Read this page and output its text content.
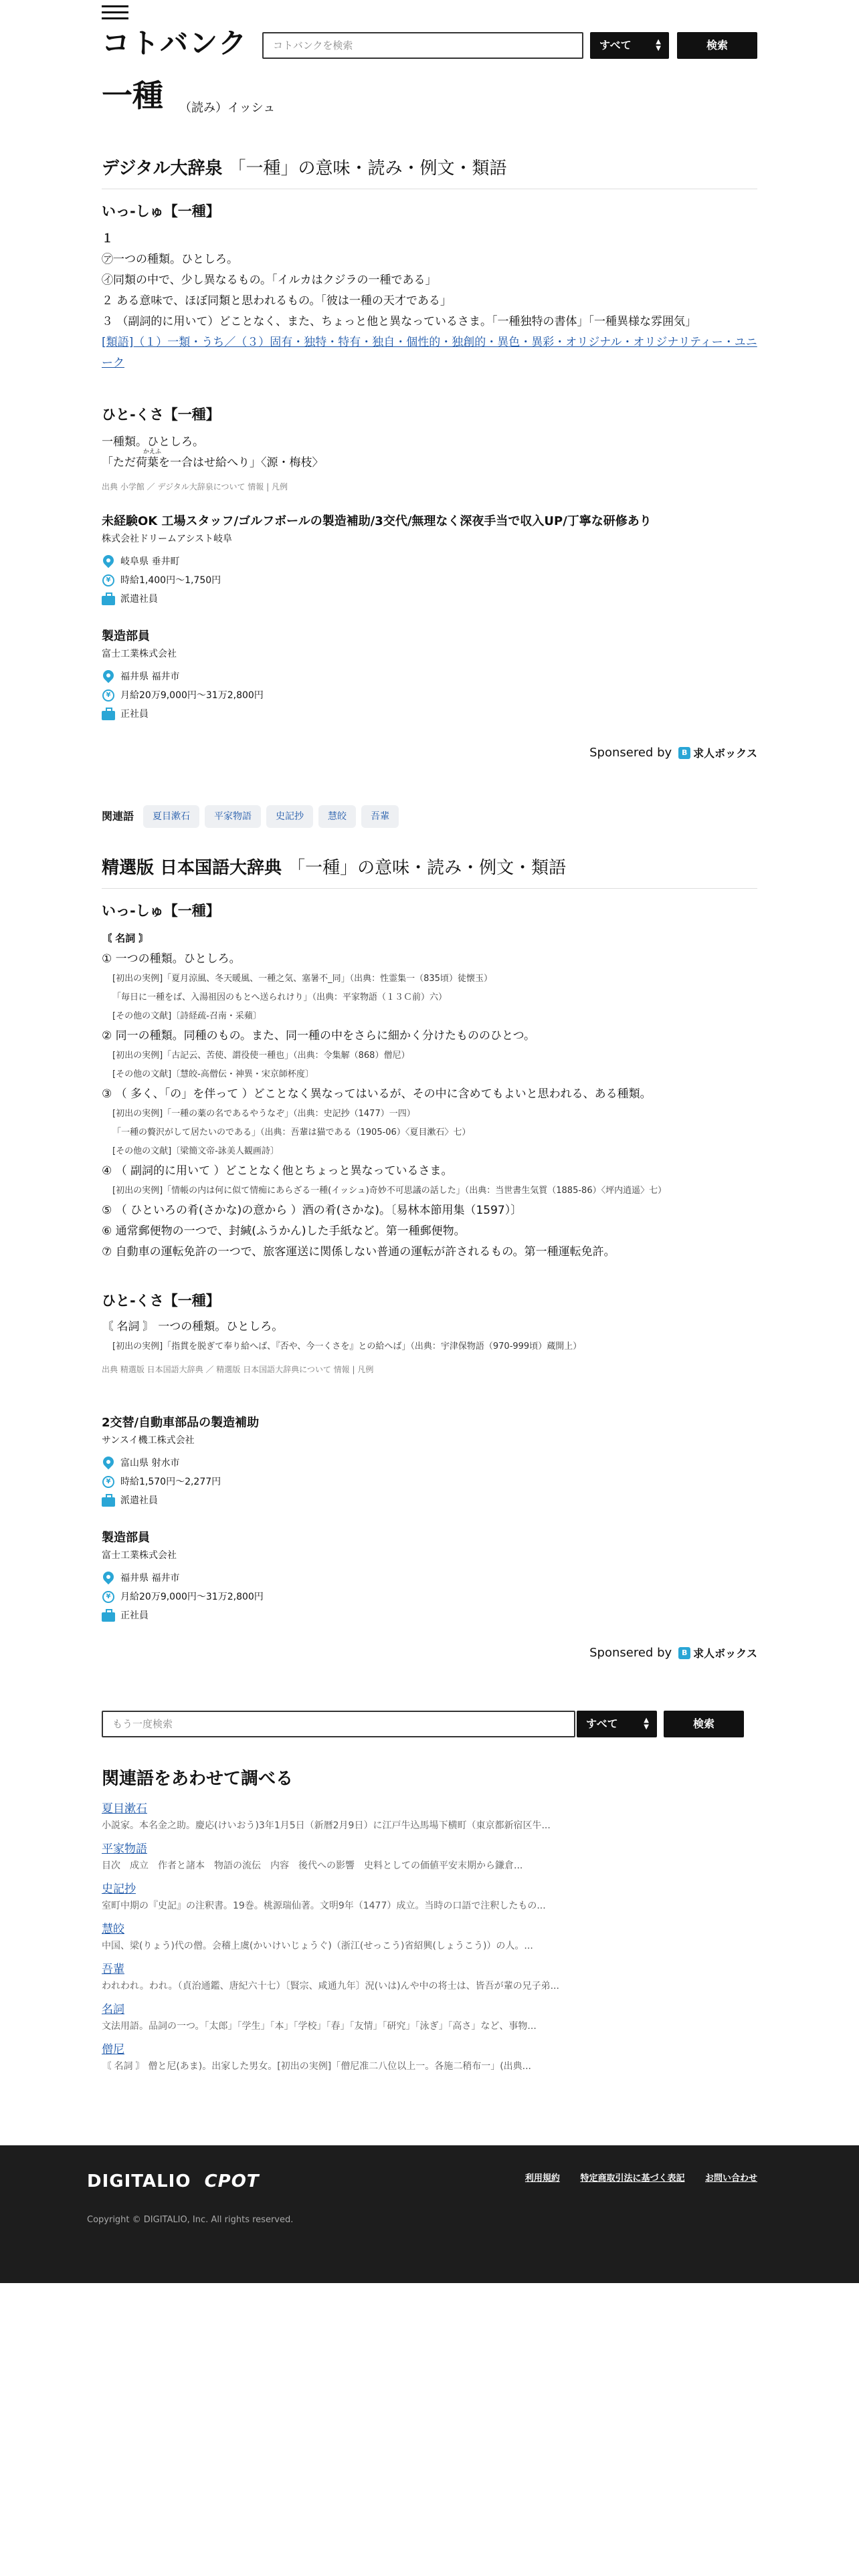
コトバンク	コトバンクを検索	すべて	▲
▼	検索
一種 （読み）イッシュ
デジタル大辞泉 「一種」の意味・読み・例文・類語
いっ‐しゅ【一種】
１
㋐一つの種類。ひとしろ。
㋑同類の中で、少し異なるもの。「イルカはクジラの一種である」
２ ある意味で、ほぼ同類と思われるもの。「彼は一種の天才である」
３ （副詞的に用いて）どことなく、また、ちょっと他と異なっているさま。「一種独特の書体」「一種異様な雰囲気」
[類語]（１）一類・うち／（３）固有・独特・特有・独自・個性的・独創的・異色・異彩・オリジナル・オリジナリティー・ユニーク
ひと‐くさ【一種】
一種類。ひとしろ。
かえふ
「ただ荷葉を一合はせ給へり」〈源・梅枝〉
出典 小学館 ／ デジタル大辞泉について 情報 | 凡例
未経験OK 工場スタッフ/ゴルフボールの製造補助/3交代/無理なく深夜手当で収入UP/丁寧な研修あり
株式会社ドリームアシスト岐阜
岐阜県 垂井町
¥	時給1,400円〜1,750円
派遣社員
製造部員
富士工業株式会社
福井県 福井市
¥	月給20万9,000円〜31万2,800円
正社員
Sponsered by	B 求人ボックス
関連語	夏目漱石	平家物語	史記抄	慧皎	吾輩
精選版 日本国語大辞典 「一種」の意味・読み・例文・類語
いっ‐しゅ【一種】
〘 名詞 〙
① 一つの種類。ひとしろ。
[初出の実例]「夏月涼風、冬天暖風、一種之気、塞暑不_同」（出典：性霊集一（835頃）徒懐玉）
「毎日に一種をば、入湯祖因のもとへ送られけり」（出典：平家物語（１３Ｃ前）六）
[その他の文献]〔詩経疏-召南・采蘋〕
② 同一の種類。同種のもの。また、同一種の中をさらに細かく分けたもののひとつ。
[初出の実例]「古記云、苦使、謂役使一種也」（出典：令集解（868）僧尼）
[その他の文献]〔慧皎-高僧伝・神異・宋京師杯度〕
③ （ 多く、「の」を伴って ）どことなく異なってはいるが、その中に含めてもよいと思われる、ある種類。
[初出の実例]「一種の薬の名であるやうなぞ」（出典：史記抄（1477）一四）
「一種の贅沢がして居たいのである」（出典：吾輩は猫である（1905‐06）〈夏目漱石〉七）
[その他の文献]〔梁簡文帝-詠美人観画詩〕
④ （ 副詞的に用いて ）どことなく他とちょっと異なっているさま。
[初出の実例]「情帳の内は何に似て情痴にあらざる一種(イッシュ)奇妙不可思議の話した」（出典：当世書生気質（1885‐86）〈坪内逍遥〉七）
⑤ （ ひといろの肴(さかな)の意から ）酒の肴(さかな)。〔易林本節用集（1597）〕
⑥ 通常郵便物の一つで、封緘(ふうかん)した手紙など。第一種郵便物。
⑦ 自動車の運転免許の一つで、旅客運送に関係しない普通の運転が許されるもの。第一種運転免許。
ひと‐くさ【一種】
〘 名詞 〙 一つの種類。ひとしろ。
[初出の実例]「指貫を脱ぎて奉り給へば、『否や、今一くさを』との給へば」（出典：宇津保物語（970‐999頃）蔵開上）
出典 精選版 日本国語大辞典 ／ 精選版 日本国語大辞典について 情報 | 凡例
2交替/自動車部品の製造補助
サンスイ機工株式会社
富山県 射水市
¥	時給1,570円〜2,277円
派遣社員
製造部員
富士工業株式会社
福井県 福井市
¥	月給20万9,000円〜31万2,800円
正社員
Sponsered by	B 求人ボックス
もう一度検索	すべて	▲
▼	検索
関連語をあわせて調べる
夏目漱石

小説家。本名金之助。慶応(けいおう)3年1月5日（新暦2月9日）に江戸牛込馬場下横町（東京都新宿区牛...

平家物語

目次　成立　作者と諸本　物語の流伝　内容　後代への影響　史料としての価値平安末期から鎌倉...

史記抄

室町中期の『史記』の注釈書。19巻。桃源瑞仙著。文明9年（1477）成立。当時の口語で注釈したもの...

慧皎

中国、梁(りょう)代の僧。会稽上虞(かいけいじょうぐ)（浙江(せっこう)省紹興(しょうこう)）の人。...

吾輩

われわれ。われ。（貞治通鑑、唐紀六十七）〔賢宗、咸通九年〕況(いは)んや中の将士は、皆吾が輩の兄子弟...

名詞

文法用語。品詞の一つ。「太郎」「学生」「本」「学校」「春」「友情」「研究」「泳ぎ」「高さ」など、事物...

僧尼

〘 名詞 〙 僧と尼(あま)。出家した男女。[初出の実例]「僧尼准二八位以上一。各施二稍布一」(出典...

DIGITALIO CPOT	利用規約 特定商取引法に基づく表記 お問い合わせ
Copyright © DIGITALIO, Inc. All rights reserved.
